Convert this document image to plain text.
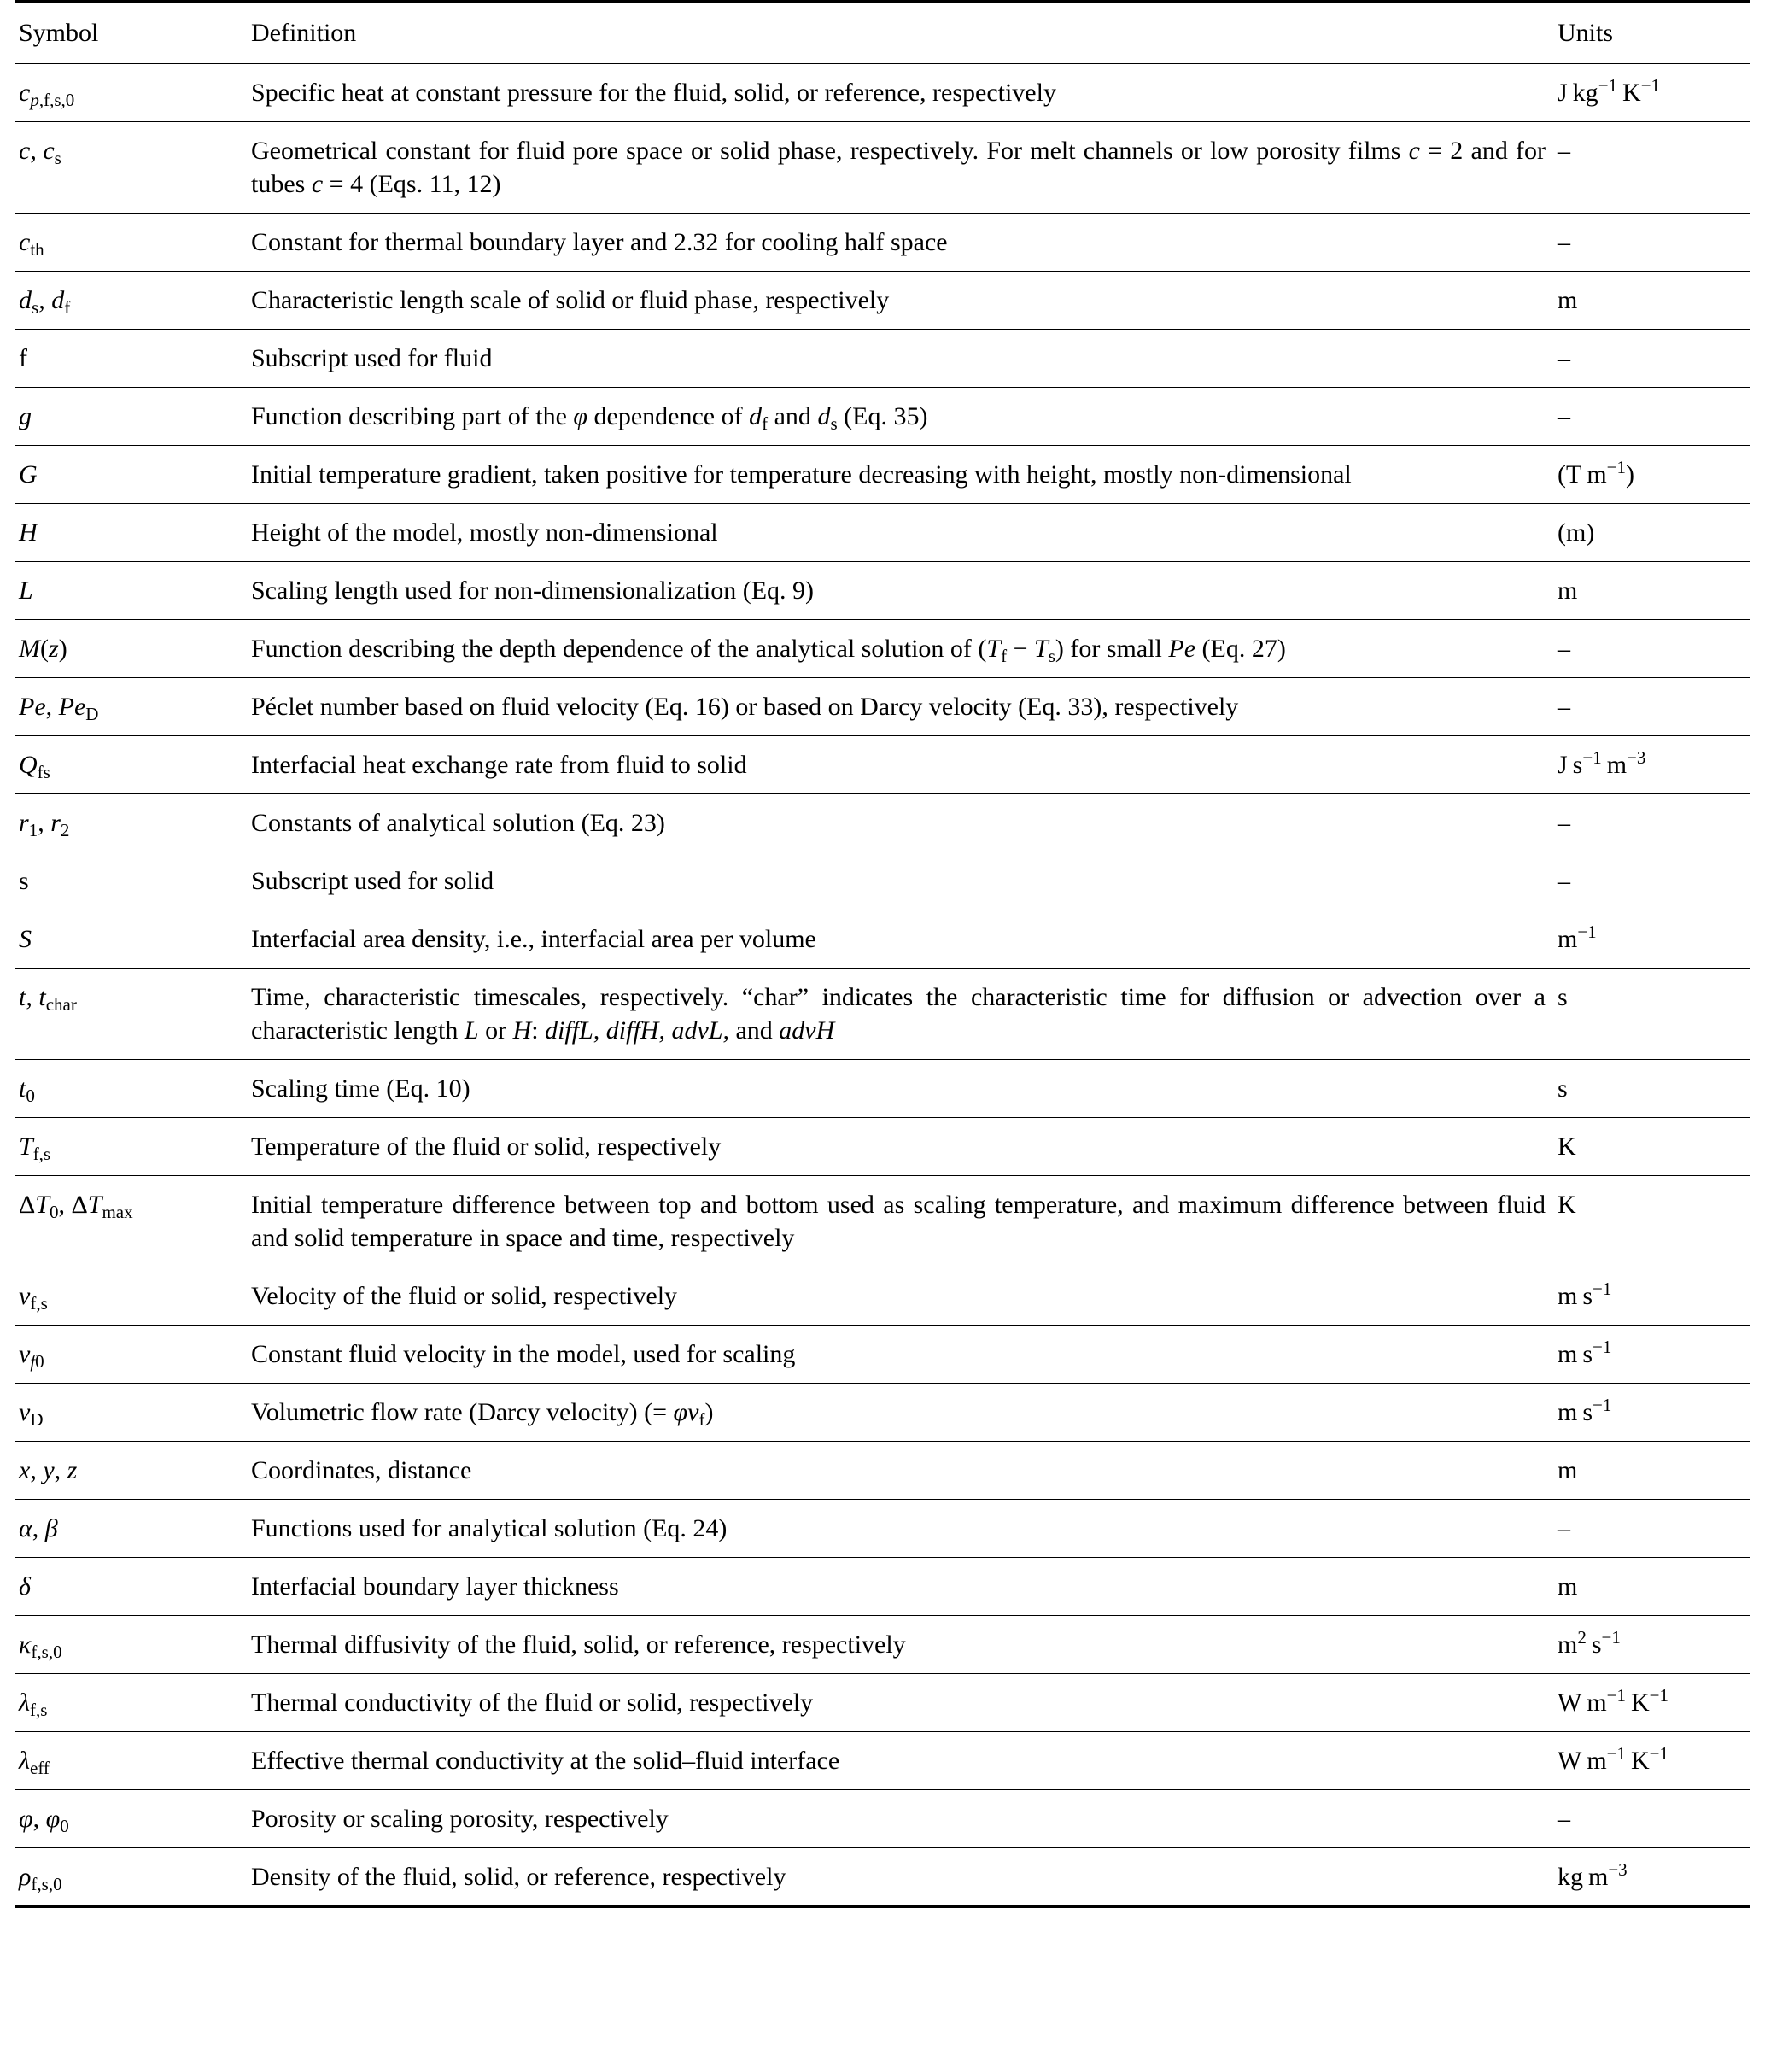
Symbol	Definition	Units
$c_{p,f,s,0}$	Specific heat at constant pressure for the fluid, solid, or reference, respectively	J $kg^{-1}$ $K^{-1}$
c, $c_s$	Geometrical constant for fluid pore space or solid phase, respectively. For melt channels or low porosity films c = 2 and for tubes c = 4 (Eqs. 11, 12)	–
$c_{th}$	Constant for thermal boundary layer and 2.32 for cooling half space	–
$d_s$, $d_f$	Characteristic length scale of solid or fluid phase, respectively	m
f	Subscript used for fluid	–
g	Function describing part of the φ dependence of $d_f$ and $d_s$ (Eq. 35)	–
G	Initial temperature gradient, taken positive for temperature decreasing with height, mostly non-dimensional	(T $m^{-1}$)
H	Height of the model, mostly non-dimensional	(m)
L	Scaling length used for non-dimensionalization (Eq. 9)	m
M(z)	Function describing the depth dependence of the analytical solution of $(T_f - T_s)$ for small Pe (Eq. 27)	–
Pe, $Pe_D$	Péclet number based on fluid velocity (Eq. 16) or based on Darcy velocity (Eq. 33), respectively	–
$Q_{fs}$	Interfacial heat exchange rate from fluid to solid	J $s^{-1}$ $m^{-3}$
$r_1$, $r_2$	Constants of analytical solution (Eq. 23)	–
s	Subscript used for solid	–
S	Interfacial area density, i.e., interfacial area per volume	$m^{-1}$
t, $t_{char}$	Time, characteristic timescales, respectively. “char” indicates the characteristic time for diffusion or advection over a characteristic length L or H: diffL, diffH, advL, and advH	s
$t_0$	Scaling time (Eq. 10)	s
$T_{f,s}$	Temperature of the fluid or solid, respectively	K
$\Delta T_0$, $\Delta T_{max}$	Initial temperature difference between top and bottom used as scaling temperature, and maximum difference between fluid and solid temperature in space and time, respectively	K
$v_{f,s}$	Velocity of the fluid or solid, respectively	m $s^{-1}$
$v_{f0}$	Constant fluid velocity in the model, used for scaling	m $s^{-1}$
$v_D$	Volumetric flow rate (Darcy velocity) (= $\varphi v_f$)	m $s^{-1}$
x, y, z	Coordinates, distance	m
α, β	Functions used for analytical solution (Eq. 24)	–
δ	Interfacial boundary layer thickness	m
$\kappa_{f,s,0}$	Thermal diffusivity of the fluid, solid, or reference, respectively	$m^2$ $s^{-1}$
$\lambda_{f,s}$	Thermal conductivity of the fluid or solid, respectively	W $m^{-1}$ $K^{-1}$
$\lambda_{eff}$	Effective thermal conductivity at the solid–fluid interface	W $m^{-1}$ $K^{-1}$
φ, $\varphi_0$	Porosity or scaling porosity, respectively	–
$\rho_{f,s,0}$	Density of the fluid, solid, or reference, respectively	kg $m^{-3}$
